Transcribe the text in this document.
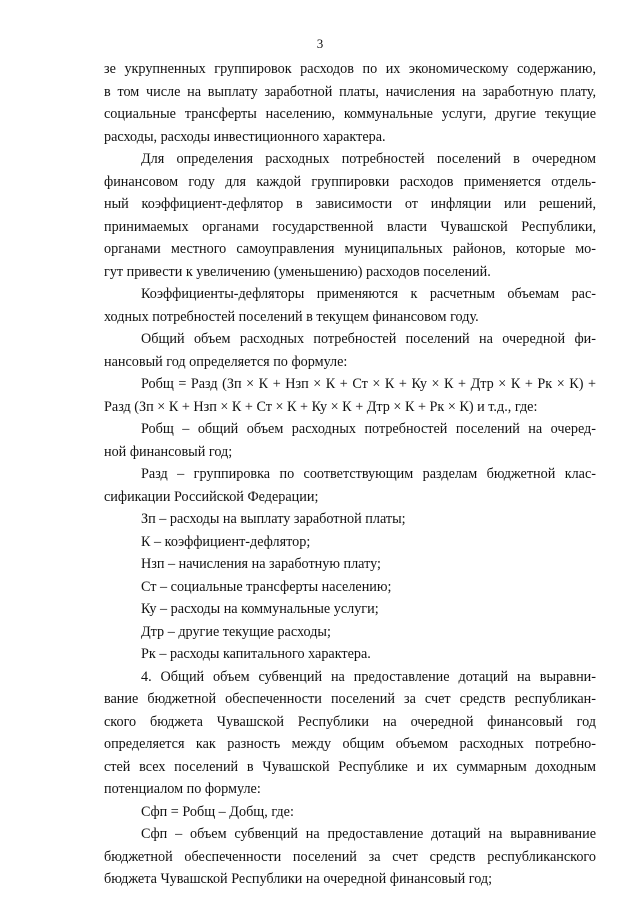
3
зе укрупненных группировок расходов по их экономическому содержанию,
в том числе на выплату заработной платы, начисления на заработную плату,
социальные трансферты населению, коммунальные услуги, другие текущие
расходы, расходы инвестиционного характера.
Для определения расходных потребностей поселений в очередном
финансовом году для каждой группировки расходов применяется отдель-
ный коэффициент-дефлятор в зависимости от инфляции или решений,
принимаемых органами государственной власти Чувашской Республики,
органами местного самоуправления муниципальных районов, которые мо-
гут привести к увеличению (уменьшению) расходов поселений.
Коэффициенты-дефляторы применяются к расчетным объемам рас-
ходных потребностей поселений в текущем финансовом году.
Общий объем расходных потребностей поселений на очередной фи-
нансовый год определяется по формуле:
Робщ = Разд (Зп × К + Нзп × К + Ст × К + Ку × К + Дтр × К + Рк × К) +
Разд (Зп × К + Нзп × К + Ст × К + Ку × К + Дтр × К + Рк × К) и т.д., где:
Робщ – общий объем расходных потребностей поселений на очеред-
ной финансовый год;
Разд – группировка по соответствующим разделам бюджетной клас-
сификации Российской Федерации;
Зп – расходы на выплату заработной платы;
К – коэффициент-дефлятор;
Нзп – начисления на заработную плату;
Ст – социальные трансферты населению;
Ку – расходы на коммунальные услуги;
Дтр – другие текущие расходы;
Рк – расходы капитального характера.
4. Общий объем субвенций на предоставление дотаций на выравни-
вание бюджетной обеспеченности поселений за счет средств республикан-
ского бюджета Чувашской Республики на очередной финансовый год
определяется как разность между общим объемом расходных потребно-
стей всех поселений в Чувашской Республике и их суммарным доходным
потенциалом по формуле:
Сфп = Робщ – Добщ, где:
Сфп – объем субвенций на предоставление дотаций на выравнивание
бюджетной обеспеченности поселений за счет средств республиканского
бюджета Чувашской Республики на очередной финансовый год;
